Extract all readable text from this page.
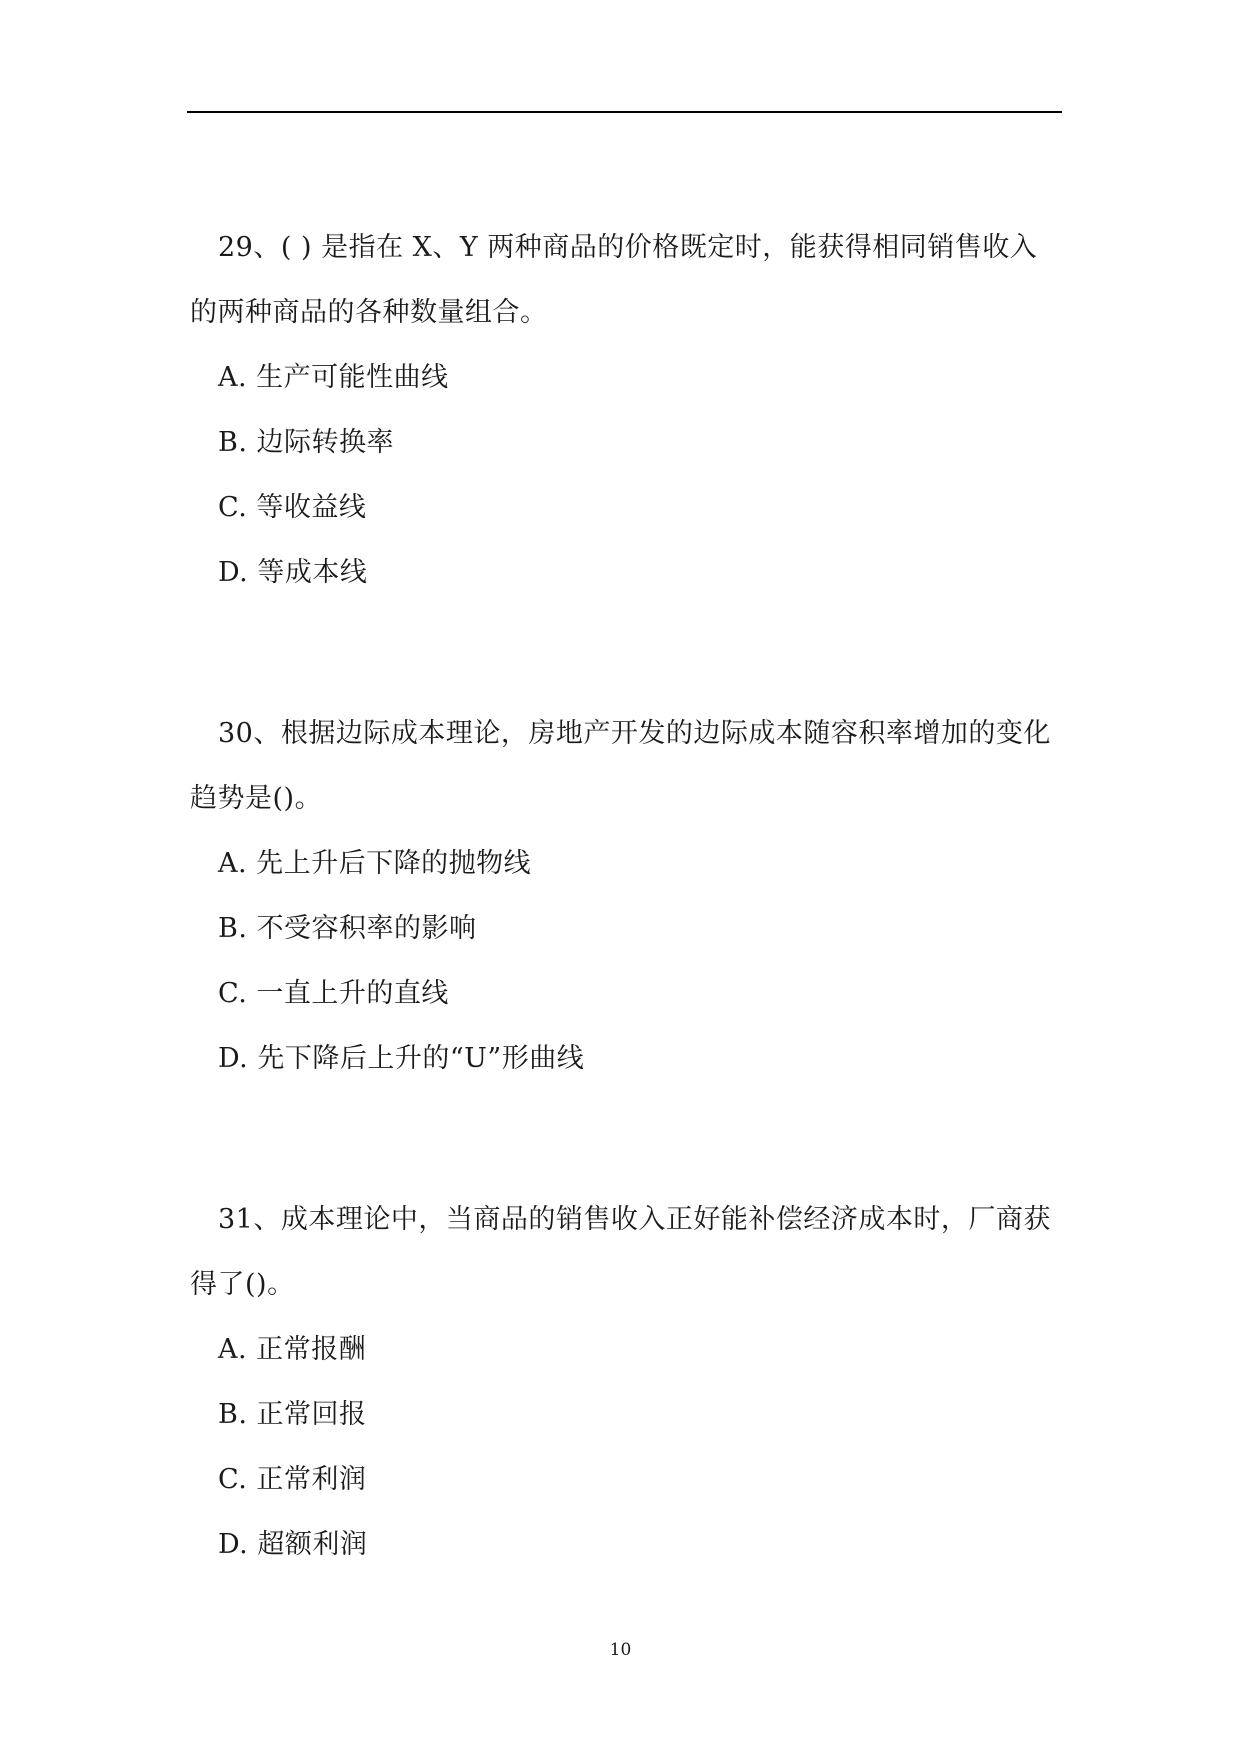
29、( ) 是指在 X、Y 两种商品的价格既定时，能获得相同销售收入的两种商品的各种数量组合。

A. 生产可能性曲线

B. 边际转换率

C. 等收益线

D. 等成本线

30、根据边际成本理论，房地产开发的边际成本随容积率增加的变化趋势是()。

A. 先上升后下降的抛物线

B. 不受容积率的影响

C. 一直上升的直线

D. 先下降后上升的“U”形曲线

31、成本理论中，当商品的销售收入正好能补偿经济成本时，厂商获得了()。

A. 正常报酬

B. 正常回报

C. 正常利润

D. 超额利润

10
